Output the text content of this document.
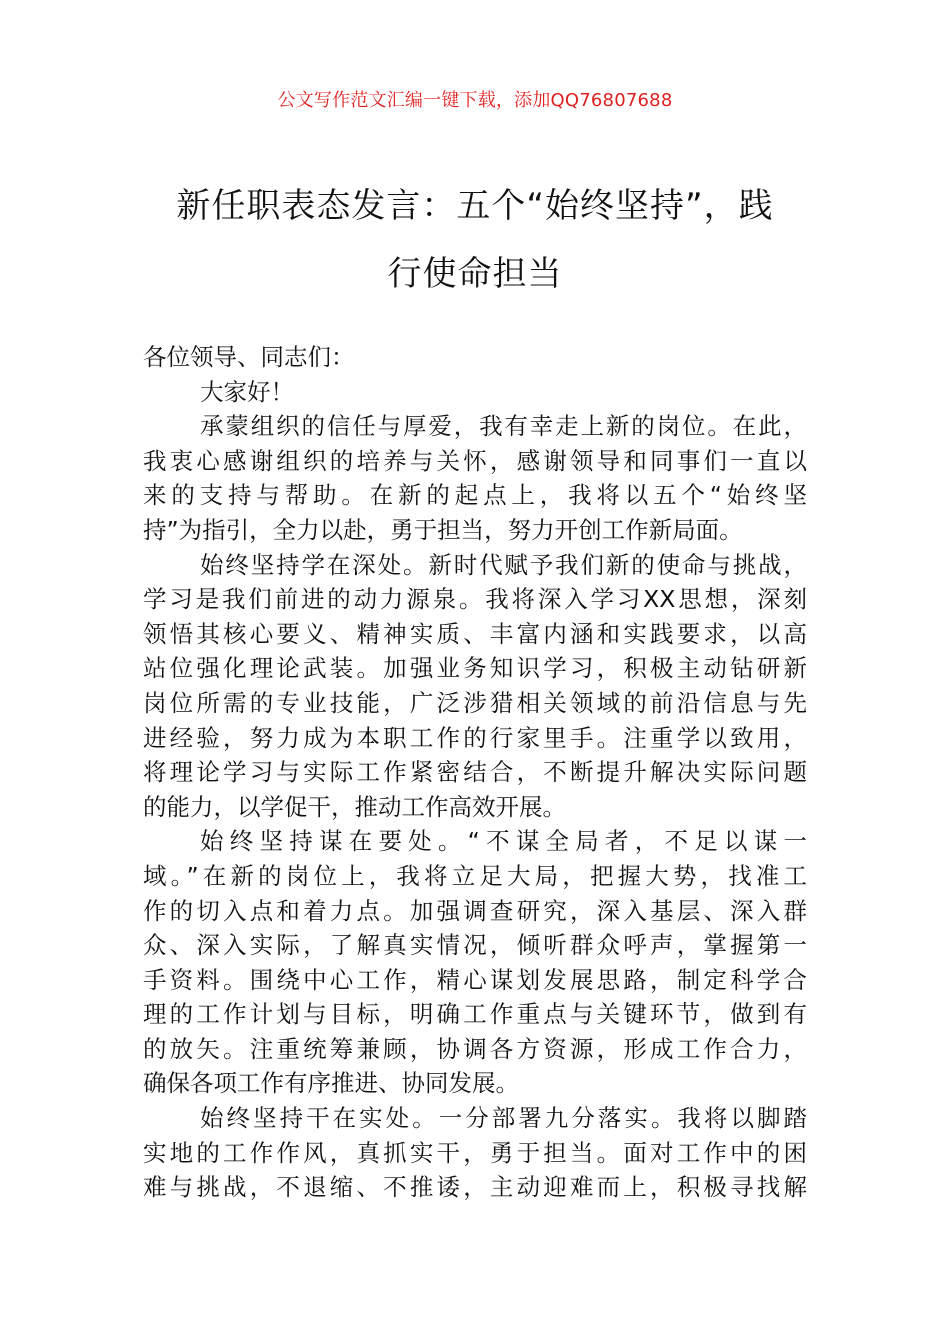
公文写作范文汇编一键下载，添加QQ76807688
新任职表态发言：五个“始终坚持”，践
行使命担当
各位领导、同志们：
大家好！
承蒙组织的信任与厚爱，我有幸走上新的岗位。在此，
我衷心感谢组织的培养与关怀，感谢领导和同事们一直以
来的支持与帮助。在新的起点上，我将以五个“始终坚
持”为指引，全力以赴，勇于担当，努力开创工作新局面。
始终坚持学在深处。新时代赋予我们新的使命与挑战，
学习是我们前进的动力源泉。我将深入学习XX思想，深刻
领悟其核心要义、精神实质、丰富内涵和实践要求，以高
站位强化理论武装。加强业务知识学习，积极主动钻研新
岗位所需的专业技能，广泛涉猎相关领域的前沿信息与先
进经验，努力成为本职工作的行家里手。注重学以致用，
将理论学习与实际工作紧密结合，不断提升解决实际问题
的能力，以学促干，推动工作高效开展。
始终坚持谋在要处。“不谋全局者，不足以谋一
域。”在新的岗位上，我将立足大局，把握大势，找准工
作的切入点和着力点。加强调查研究，深入基层、深入群
众、深入实际，了解真实情况，倾听群众呼声，掌握第一
手资料。围绕中心工作，精心谋划发展思路，制定科学合
理的工作计划与目标，明确工作重点与关键环节，做到有
的放矢。注重统筹兼顾，协调各方资源，形成工作合力，
确保各项工作有序推进、协同发展。
始终坚持干在实处。一分部署九分落实。我将以脚踏
实地的工作作风，真抓实干，勇于担当。面对工作中的困
难与挑战，不退缩、不推诿，主动迎难而上，积极寻找解
